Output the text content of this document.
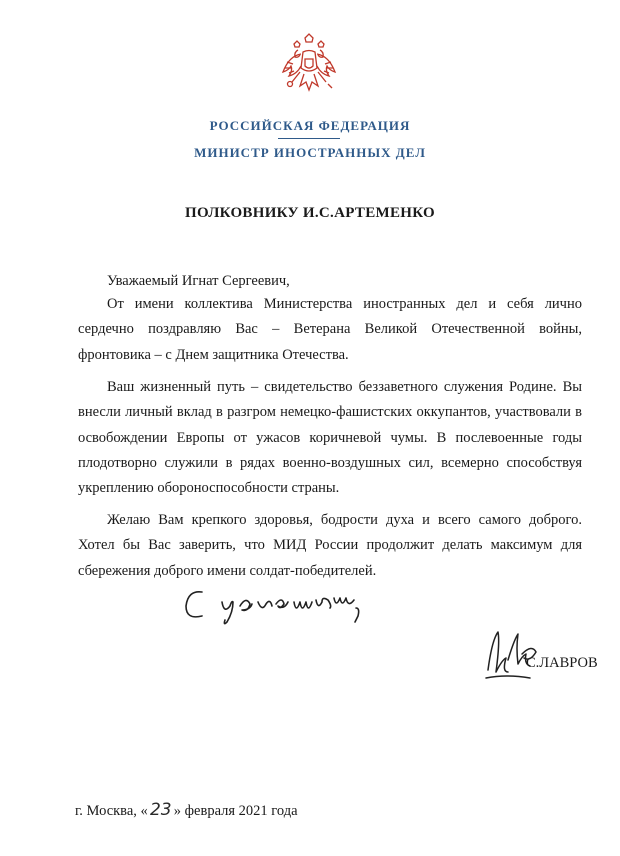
РОССИЙСКАЯ ФЕДЕРАЦИЯ
МИНИСТР ИНОСТРАННЫХ ДЕЛ
ПОЛКОВНИКУ И.С.АРТЕМЕНКО
Уважаемый Игнат Сергеевич,

От имени коллектива Министерства иностранных дел и себя лично сердечно поздравляю Вас – Ветерана Великой Отечественной войны, фронтовика – с Днем защитника Отечества.

Ваш жизненный путь – свидетельство беззаветного служения Родине. Вы внесли личный вклад в разгром немецко-фашистских оккупантов, участвовали в освобождении Европы от ужасов коричневой чумы. В послевоенные годы плодотворно служили в рядах военно-воздушных сил, всемерно способствуя укреплению обороноспособности страны.

Желаю Вам крепкого здоровья, бодрости духа и всего самого доброго. Хотел бы Вас заверить, что МИД России продолжит делать максимум для сбережения доброго имени солдат-победителей.

С.ЛАВРОВ
г. Москва, « 23 » февраля 2021 года
